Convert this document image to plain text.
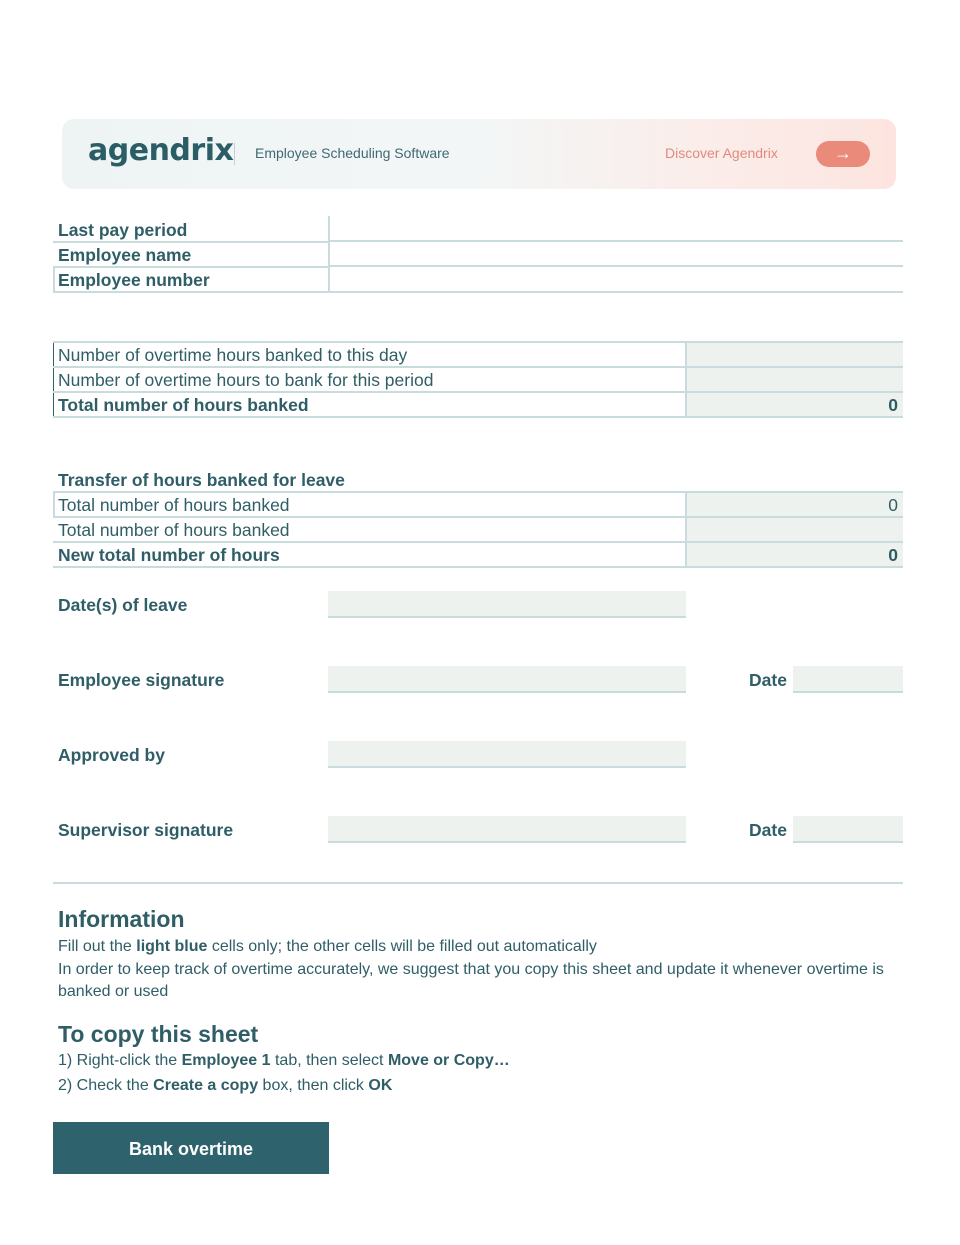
agendrix Employee Scheduling Software	Discover Agendrix	→
Last pay period
Employee name
Employee number
Number of overtime hours banked to this day
Number of overtime hours to bank for this period
Total number of hours banked	0
Transfer of hours banked for leave
Total number of hours banked	0
Total number of hours banked
New total number of hours	0
Date(s) of leave
Employee signature	Date
Approved by
Supervisor signature	Date
Information
Fill out the light blue cells only; the other cells will be filled out automatically
In order to keep track of overtime accurately, we suggest that you copy this sheet and update it whenever overtime is banked or used
To copy this sheet
1) Right-click the Employee 1 tab, then select Move or Copy…
2) Check the Create a copy box, then click OK
Bank overtime
